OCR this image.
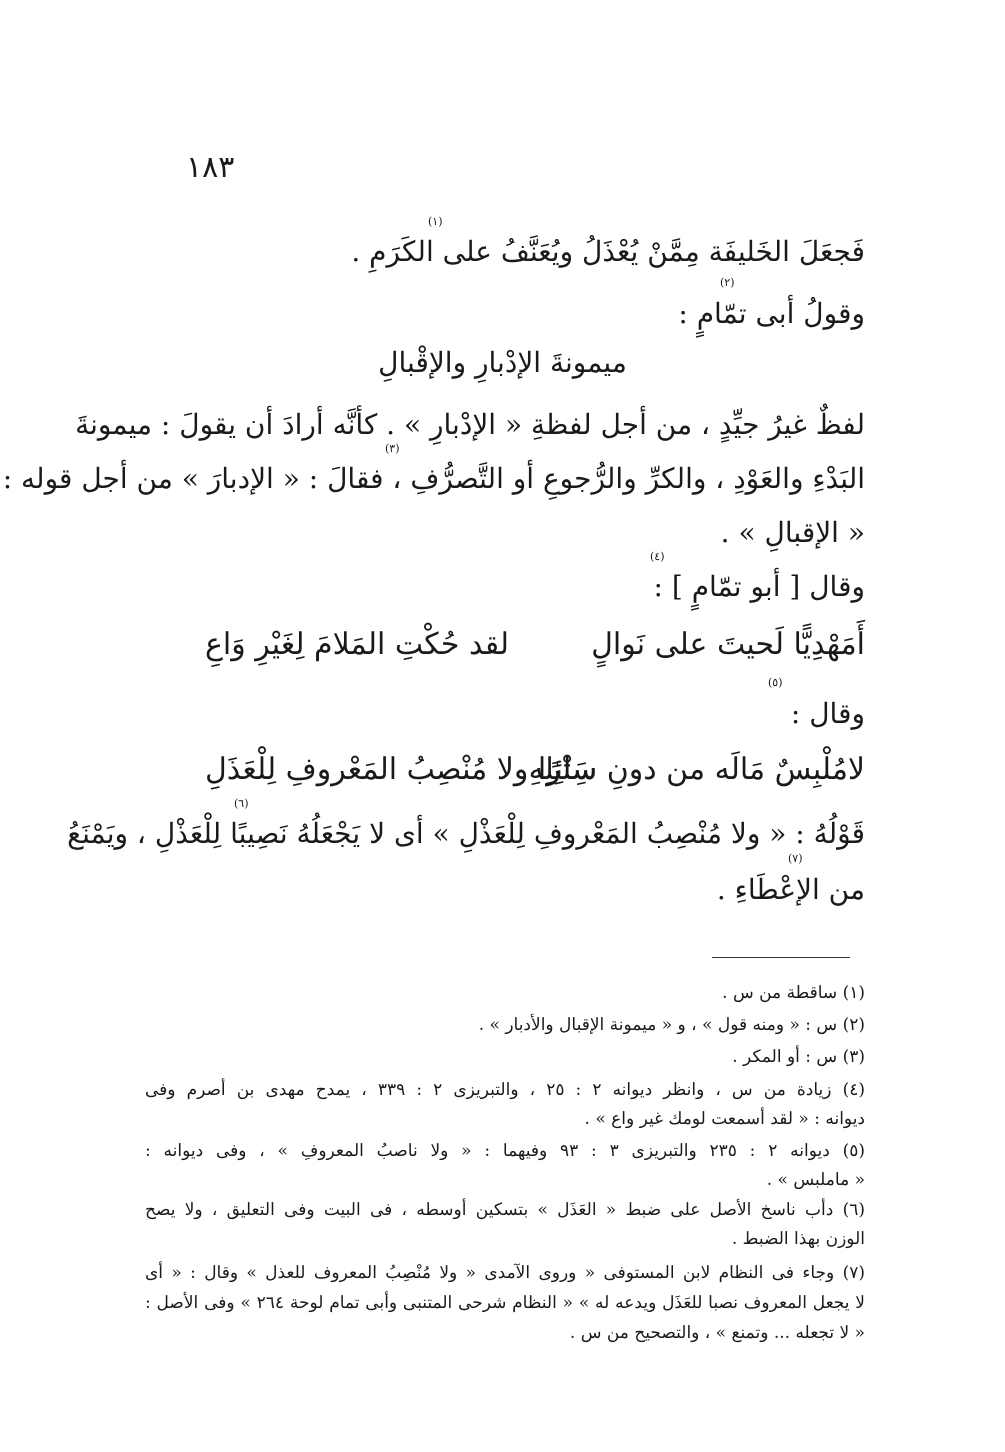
١٨٣
فَجعَلَ الخَليفَة مِمَّنْ يُعْذَلُ ويُعَنَّفُ على الكَرَمِ .
وقولُ أبى تمّامٍ :
ميمونةَ الإدْبارِ والإقْبالِ
لفظٌ غيرُ جيِّدٍ ، من أجل لفظةِ « الإدْبارِ » . كأنَّه أرادَ أن يقولَ : ميمونةَ
البَدْءِ والعَوْدِ ، والكرِّ والرُّجوعِ أو التَّصرُّفِ ، فقالَ : « الإدبارَ » من أجل قوله :
« الإقبالِ » .
وقال [ أبو تمّامٍ ] :
أَمَهْدِيًّا لَحيتَ على نَوالٍ
لقد حُكْتِ المَلامَ لِغَيْرِ وَاعِ
وقال :
لامُلْبِسٌ مَالَه من دونِ سَائِلِهِ
سِتْرًا ولا مُنْصِبُ المَعْروفِ لِلْعَذَلِ
قَوْلُهُ : « ولا مُنْصِبُ المَعْروفِ لِلْعَذْلِ » أى لا يَجْعَلُهُ نَصِيبًا لِلْعَذْلِ ، ويَمْنَعُ
من الإعْطَاءِ .
(١) ساقطة من س .
(٢) س : « ومنه قول » ، و « ميمونة الإقبال والأدبار » .
(٣) س : أو المكر .
(٤) زيادة من س ، وانظر ديوانه ٢ : ٢٥ ، والتبريزى ٢ : ٣٣٩ ، يمدح مهدى بن أصرم وفى
ديوانه : « لقد أسمعت لومك غير واع » .
(٥) ديوانه ٢ : ٢٣٥ والتبريزى ٣ : ٩٣ وفيهما : « ولا ناصبُ المعروفِ » ، وفى ديوانه :
« ماملبس » .
(٦) دأب ناسخ الأصل على ضبط « العَذَل » بتسكين أوسطه ، فى البيت وفى التعليق ، ولا يصح
الوزن بهذا الضبط .
(٧) وجاء فى النظام لابن المستوفى « وروى الآمدى « ولا مُنْصِبُ المعروف للعذل » وقال : « أى
لا يجعل المعروف نصبا للعَذَل ويدعه له » « النظام شرحى المتنبى وأبى تمام لوحة ٢٦٤ » وفى الأصل :
« لا تجعله ... وتمنع » ، والتصحيح من س .
(١)
(٢)
(٣)
(٤)
(٥)
(٦)
(٧)
